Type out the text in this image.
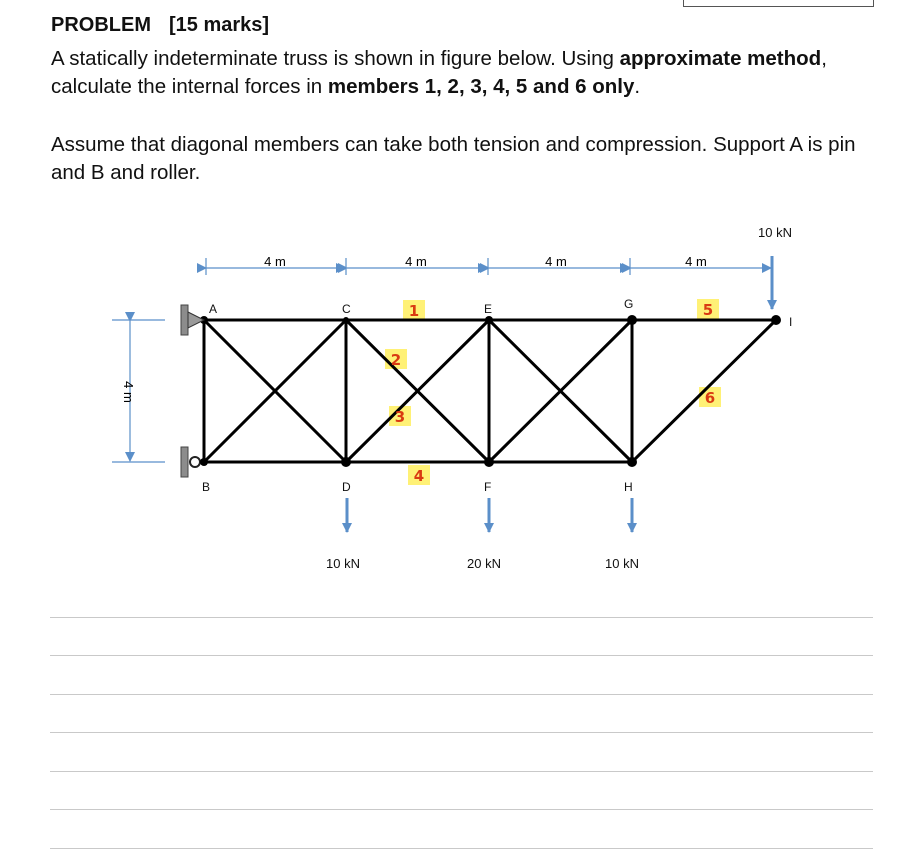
PROBLEM [15 marks]
A statically indeterminate truss is shown in figure below. Using approximate method,
calculate the internal forces in members 1, 2, 3, 4, 5 and 6 only.
Assume that diagonal members can take both tension and compression. Support A is pin
and B and roller.
4 m	4 m	4 m	4 m
4 m
A
B
C
D
E
F
G
H
I
10 kN	20 kN	10 kN
10 kN
1
2
3
4
5
6
